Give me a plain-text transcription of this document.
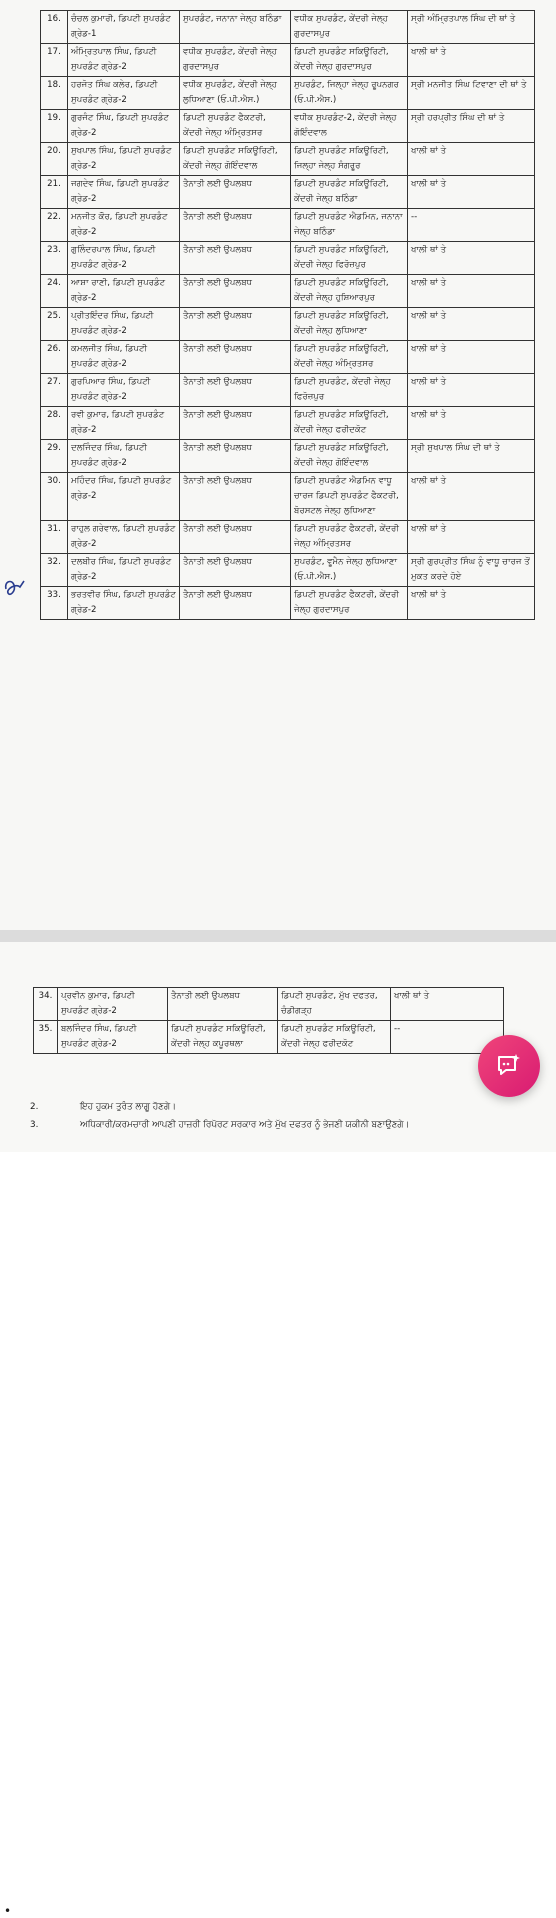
16.	ਚੰਚਲ ਕੁਮਾਰੀ, ਡਿਪਟੀ ਸੁਪਰਡੰਟ ਗ੍ਰੇਡ-1	ਸੁਪਰਡੰਟ, ਜਨਾਨਾ ਜੇਲ੍ਹ ਬਠਿੰਡਾ	ਵਧੀਕ ਸੁਪਰਡੰਟ, ਕੇਂਦਰੀ ਜੇਲ੍ਹ ਗੁਰਦਾਸਪੁਰ	ਸ੍ਰੀ ਅੰਮ੍ਰਿਤਪਾਲ ਸਿੰਘ ਦੀ ਥਾਂ ਤੇ
17.	ਅੰਮ੍ਰਿਤਪਾਲ ਸਿੰਘ, ਡਿਪਟੀ ਸੁਪਰਡੰਟ ਗ੍ਰੇਡ-2	ਵਧੀਕ ਸੁਪਰਡੰਟ, ਕੇਂਦਰੀ ਜੇਲ੍ਹ ਗੁਰਦਾਸਪੁਰ	ਡਿਪਟੀ ਸੁਪਰਡੰਟ ਸਕਿਊਰਿਟੀ, ਕੇਂਦਰੀ ਜੇਲ੍ਹ ਗੁਰਦਾਸਪੁਰ	ਖਾਲੀ ਥਾਂ ਤੇ
18.	ਹਰਜੋਤ ਸਿੰਘ ਕਲੇਰ, ਡਿਪਟੀ ਸੁਪਰਡੰਟ ਗ੍ਰੇਡ-2	ਵਧੀਕ ਸੁਪਰਡੰਟ, ਕੇਂਦਰੀ ਜੇਲ੍ਹ ਲੁਧਿਆਣਾ (ਓ.ਪੀ.ਐਸ.)	ਸੁਪਰਡੰਟ, ਜਿਲ੍ਹਾ ਜੇਲ੍ਹ ਰੂਪਨਗਰ (ਓ.ਪੀ.ਐਸ.)	ਸ੍ਰੀ ਮਨਜੀਤ ਸਿੰਘ ਟਿਵਾਣਾ ਦੀ ਥਾਂ ਤੇ
19.	ਗੁਰਜੰਟ ਸਿੰਘ, ਡਿਪਟੀ ਸੁਪਰਡੰਟ ਗ੍ਰੇਡ-2	ਡਿਪਟੀ ਸੁਪਰਡੰਟ ਫੈਕਟਰੀ, ਕੇਂਦਰੀ ਜੇਲ੍ਹ ਅੰਮ੍ਰਿਤਸਰ	ਵਧੀਕ ਸੁਪਰਡੰਟ-2, ਕੇਂਦਰੀ ਜੇਲ੍ਹ ਗੋਇੰਦਵਾਲ	ਸ੍ਰੀ ਹਰਪ੍ਰੀਤ ਸਿੰਘ ਦੀ ਥਾਂ ਤੇ
20.	ਸੁਖਪਾਲ ਸਿੰਘ, ਡਿਪਟੀ ਸੁਪਰਡੰਟ ਗ੍ਰੇਡ-2	ਡਿਪਟੀ ਸੁਪਰਡੰਟ ਸਕਿਊਰਿਟੀ, ਕੇਂਦਰੀ ਜੇਲ੍ਹ ਗੋਇੰਦਵਾਲ	ਡਿਪਟੀ ਸੁਪਰਡੰਟ ਸਕਿਊਰਿਟੀ, ਜਿਲ੍ਹਾ ਜੇਲ੍ਹ ਸੰਗਰੂਰ	ਖਾਲੀ ਥਾਂ ਤੇ
21.	ਜਗਦੇਵ ਸਿੰਘ, ਡਿਪਟੀ ਸੁਪਰਡੰਟ ਗ੍ਰੇਡ-2	ਤੈਨਾਤੀ ਲਈ ਉਪਲਬਧ	ਡਿਪਟੀ ਸੁਪਰਡੰਟ ਸਕਿਊਰਿਟੀ, ਕੇਂਦਰੀ ਜੇਲ੍ਹ ਬਠਿੰਡਾ	ਖਾਲੀ ਥਾਂ ਤੇ
22.	ਮਨਜੀਤ ਕੌਰ, ਡਿਪਟੀ ਸੁਪਰਡੰਟ ਗ੍ਰੇਡ-2	ਤੈਨਾਤੀ ਲਈ ਉਪਲਬਧ	ਡਿਪਟੀ ਸੁਪਰਡੰਟ ਐਡਮਿਨ, ਜਨਾਨਾ ਜੇਲ੍ਹ ਬਠਿੰਡਾ	--
23.	ਗੁਲਿੰਦਰਪਾਲ ਸਿੰਘ, ਡਿਪਟੀ ਸੁਪਰਡੰਟ ਗ੍ਰੇਡ-2	ਤੈਨਾਤੀ ਲਈ ਉਪਲਬਧ	ਡਿਪਟੀ ਸੁਪਰਡੰਟ ਸਕਿਊਰਿਟੀ, ਕੇਂਦਰੀ ਜੇਲ੍ਹ ਫਿਰੋਜ਼ਪੁਰ	ਖਾਲੀ ਥਾਂ ਤੇ
24.	ਆਸ਼ਾ ਰਾਣੀ, ਡਿਪਟੀ ਸੁਪਰਡੰਟ ਗ੍ਰੇਡ-2	ਤੈਨਾਤੀ ਲਈ ਉਪਲਬਧ	ਡਿਪਟੀ ਸੁਪਰਡੰਟ ਸਕਿਊਰਿਟੀ, ਕੇਂਦਰੀ ਜੇਲ੍ਹ ਹੁਸ਼ਿਆਰਪੁਰ	ਖਾਲੀ ਥਾਂ ਤੇ
25.	ਪ੍ਰੀਤਇੰਦਰ ਸਿੰਘ, ਡਿਪਟੀ ਸੁਪਰਡੰਟ ਗ੍ਰੇਡ-2	ਤੈਨਾਤੀ ਲਈ ਉਪਲਬਧ	ਡਿਪਟੀ ਸੁਪਰਡੰਟ ਸਕਿਊਰਿਟੀ, ਕੇਂਦਰੀ ਜੇਲ੍ਹ ਲੁਧਿਆਣਾ	ਖਾਲੀ ਥਾਂ ਤੇ
26.	ਕਮਲਜੀਤ ਸਿੰਘ, ਡਿਪਟੀ ਸੁਪਰਡੰਟ ਗ੍ਰੇਡ-2	ਤੈਨਾਤੀ ਲਈ ਉਪਲਬਧ	ਡਿਪਟੀ ਸੁਪਰਡੰਟ ਸਕਿਊਰਿਟੀ, ਕੇਂਦਰੀ ਜੇਲ੍ਹ ਅੰਮ੍ਰਿਤਸਰ	ਖਾਲੀ ਥਾਂ ਤੇ
27.	ਗੁਰਪਿਆਰ ਸਿੰਘ, ਡਿਪਟੀ ਸੁਪਰਡੰਟ ਗ੍ਰੇਡ-2	ਤੈਨਾਤੀ ਲਈ ਉਪਲਬਧ	ਡਿਪਟੀ ਸੁਪਰਡੰਟ, ਕੇਂਦਰੀ ਜੇਲ੍ਹ ਫਿਰੋਜ਼ਪੁਰ	ਖਾਲੀ ਥਾਂ ਤੇ
28.	ਰਵੀ ਕੁਮਾਰ, ਡਿਪਟੀ ਸੁਪਰਡੰਟ ਗ੍ਰੇਡ-2	ਤੈਨਾਤੀ ਲਈ ਉਪਲਬਧ	ਡਿਪਟੀ ਸੁਪਰਡੰਟ ਸਕਿਊਰਿਟੀ, ਕੇਂਦਰੀ ਜੇਲ੍ਹ ਫਰੀਦਕੋਟ	ਖਾਲੀ ਥਾਂ ਤੇ
29.	ਦਲਜਿੰਦਰ ਸਿੰਘ, ਡਿਪਟੀ ਸੁਪਰਡੰਟ ਗ੍ਰੇਡ-2	ਤੈਨਾਤੀ ਲਈ ਉਪਲਬਧ	ਡਿਪਟੀ ਸੁਪਰਡੰਟ ਸਕਿਊਰਿਟੀ, ਕੇਂਦਰੀ ਜੇਲ੍ਹ ਗੋਇੰਦਵਾਲ	ਸ੍ਰੀ ਸੁਖਪਾਲ ਸਿੰਘ ਦੀ ਥਾਂ ਤੇ
30.	ਮਹਿੰਦਰ ਸਿੰਘ, ਡਿਪਟੀ ਸੁਪਰਡੰਟ ਗ੍ਰੇਡ-2	ਤੈਨਾਤੀ ਲਈ ਉਪਲਬਧ	ਡਿਪਟੀ ਸੁਪਰਡੰਟ ਐਡਮਿਨ ਵਾਧੂ ਚਾਰਜ ਡਿਪਟੀ ਸੁਪਰਡੰਟ ਫੈਕਟਰੀ, ਬੋਰਸਟਲ ਜੇਲ੍ਹ ਲੁਧਿਆਣਾ	ਖਾਲੀ ਥਾਂ ਤੇ
31.	ਰਾਹੁਲ ਗਰੇਵਾਲ, ਡਿਪਟੀ ਸੁਪਰਡੰਟ ਗ੍ਰੇਡ-2	ਤੈਨਾਤੀ ਲਈ ਉਪਲਬਧ	ਡਿਪਟੀ ਸੁਪਰਡੰਟ ਫੈਕਟਰੀ, ਕੇਂਦਰੀ ਜੇਲ੍ਹ ਅੰਮ੍ਰਿਤਸਰ	ਖਾਲੀ ਥਾਂ ਤੇ
32.	ਦਲਬੀਰ ਸਿੰਘ, ਡਿਪਟੀ ਸੁਪਰਡੰਟ ਗ੍ਰੇਡ-2	ਤੈਨਾਤੀ ਲਈ ਉਪਲਬਧ	ਸੁਪਰਡੰਟ, ਵੂਮੈਨ ਜੇਲ੍ਹ ਲੁਧਿਆਣਾ (ਓ.ਪੀ.ਐਸ.)	ਸ੍ਰੀ ਗੁਰਪ੍ਰੀਤ ਸਿੰਘ ਨੂੰ ਵਾਧੂ ਚਾਰਜ ਤੋਂ ਮੁਕਤ ਕਰਦੇ ਹੋਏ
33.	ਭਰਤਵੀਰ ਸਿੰਘ, ਡਿਪਟੀ ਸੁਪਰਡੰਟ ਗ੍ਰੇਡ-2	ਤੈਨਾਤੀ ਲਈ ਉਪਲਬਧ	ਡਿਪਟੀ ਸੁਪਰਡੰਟ ਫੈਕਟਰੀ, ਕੇਂਦਰੀ ਜੇਲ੍ਹ ਗੁਰਦਾਸਪੁਰ	ਖਾਲੀ ਥਾਂ ਤੇ
•
34.	ਪ੍ਰਵੀਨ ਕੁਮਾਰ, ਡਿਪਟੀ ਸੁਪਰਡੰਟ ਗ੍ਰੇਡ-2	ਤੈਨਾਤੀ ਲਈ ਉਪਲਬਧ	ਡਿਪਟੀ ਸੁਪਰਡੰਟ, ਮੁੱਖ ਦਫਤਰ, ਚੰਡੀਗੜ੍ਹ	ਖਾਲੀ ਥਾਂ ਤੇ
35.	ਬਲਜਿੰਦਰ ਸਿੰਘ, ਡਿਪਟੀ ਸੁਪਰਡੰਟ ਗ੍ਰੇਡ-2	ਡਿਪਟੀ ਸੁਪਰਡੰਟ ਸਕਿਊਰਿਟੀ, ਕੇਂਦਰੀ ਜੇਲ੍ਹ ਕਪੂਰਥਲਾ	ਡਿਪਟੀ ਸੁਪਰਡੰਟ ਸਕਿਊਰਿਟੀ, ਕੇਂਦਰੀ ਜੇਲ੍ਹ ਫਰੀਦਕੋਟ	--
2.	ਇਹ ਹੁਕਮ ਤੁਰੰਤ ਲਾਗੂ ਹੋਣਗੇ।
3.	ਅਧਿਕਾਰੀ/ਕਰਮਚਾਰੀ ਆਪਣੀ ਹਾਜ਼ਰੀ ਰਿਪੋਰਟ ਸਰਕਾਰ ਅਤੇ ਮੁੱਖ ਦਫਤਰ ਨੂੰ ਭੇਜਣੀ ਯਕੀਨੀ ਬਣਾਉਣਗੇ।
